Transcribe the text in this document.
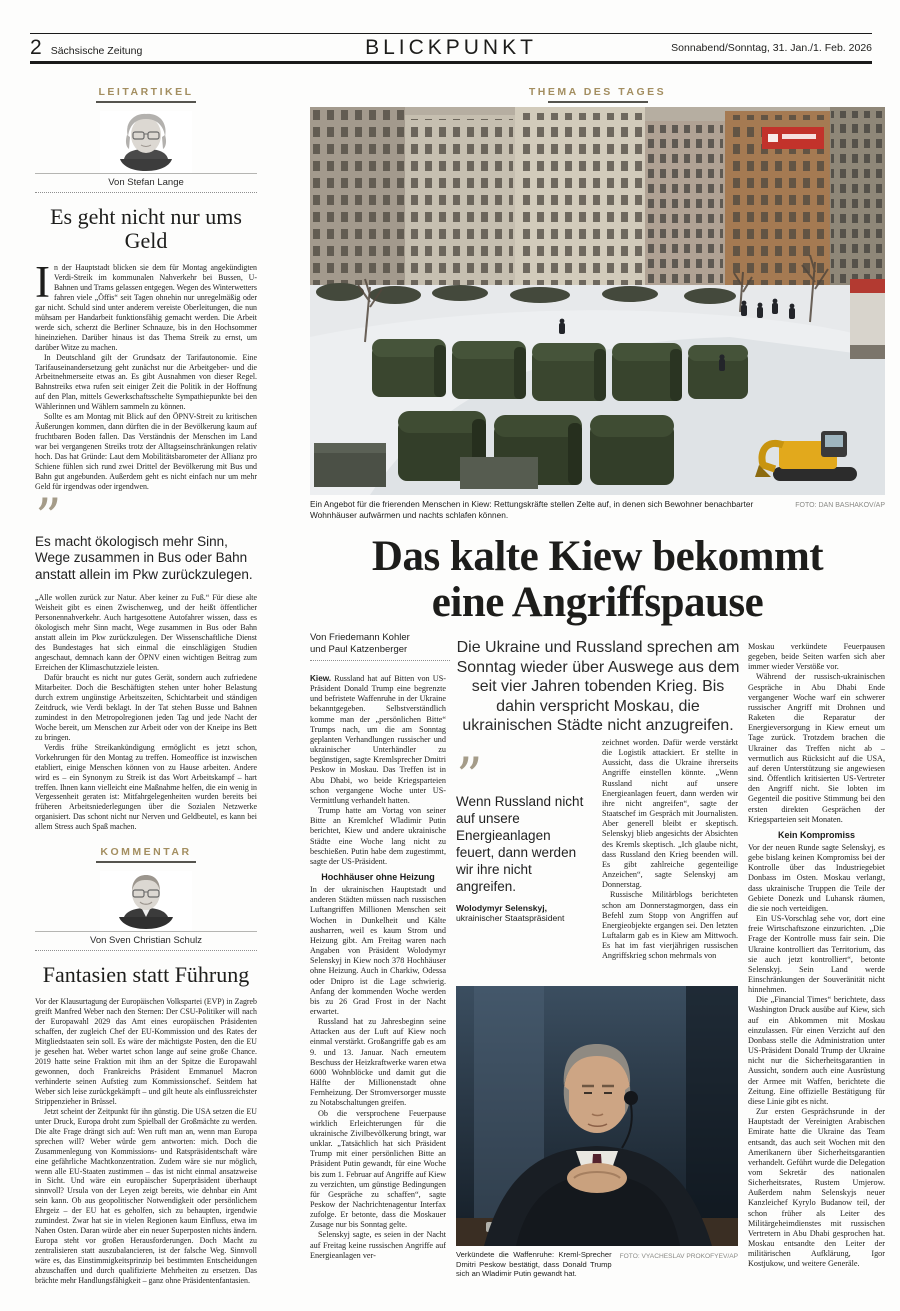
2 Sächsische Zeitung	BLICKPUNKT	Sonnabend/Sonntag, 31. Jan./1. Feb. 2026
LEITARTIKEL
Von Stefan Lange
Es geht nicht nur ums Geld

In der Hauptstadt blicken sie dem für Montag angekündigten Verdi-Streik im kommunalen Nahverkehr bei Bussen, U-Bahnen und Trams gelassen entgegen. Wegen des Winterwetters fahren viele „Öffis“ seit Tagen ohnehin nur unregelmäßig oder gar nicht. Schuld sind unter anderem vereiste Oberleitungen, die nun mühsam per Handarbeit funktionsfähig gemacht werden. Die Arbeit werde sich, scherzt die Berliner Schnauze, bis in den Hochsommer hineinziehen. Darüber hinaus ist das Thema Streik zu ernst, um darüber Witze zu machen.

In Deutschland gilt der Grundsatz der Tarifautonomie. Eine Tarifauseinandersetzung geht zunächst nur die Arbeitgeber- und die Arbeitnehmerseite etwas an. Es gibt Ausnahmen von dieser Regel. Bahnstreiks etwa rufen seit einiger Zeit die Politik in der Hoffnung auf den Plan, mittels Gewerkschaftsschelte Sympathiepunkte bei den Wählerinnen und Wählern sammeln zu können.

Sollte es am Montag mit Blick auf den ÖPNV-Streit zu kritischen Äußerungen kommen, dann dürften die in der Bevölkerung kaum auf fruchtbaren Boden fallen. Das Verständnis der Menschen im Land war bei vergangenen Streiks trotz der Alltagseinschränkungen relativ hoch. Das hat Gründe: Laut dem Mobilitätsbarometer der Allianz pro Schiene fühlen sich rund zwei Drittel der Bevölkerung mit Bus und Bahn gut angebunden. Außerdem geht es nicht einfach nur um mehr Geld für irgendwas oder irgendwen.

”
Es macht ökologisch mehr Sinn, Wege zusammen in Bus oder Bahn anstatt allein im Pkw zurückzulegen.

„Alle wollen zurück zur Natur. Aber keiner zu Fuß.“ Für diese alte Weisheit gibt es einen Zwischenweg, und der heißt öffentlicher Personennahverkehr. Auch hartgesottene Autofahrer wissen, dass es ökologisch mehr Sinn macht, Wege zusammen in Bus oder Bahn anstatt allein im Pkw zurückzulegen. Der Wissenschaftliche Dienst des Bundestages hat sich einmal die einschlägigen Studien angeschaut, demnach kann der ÖPNV einen wichtigen Beitrag zum Erreichen der Klimaschutzziele leisten.

Dafür braucht es nicht nur gutes Gerät, sondern auch zufriedene Mitarbeiter. Doch die Beschäftigten stehen unter hoher Belastung durch extrem ungünstige Arbeitszeiten, Schichtarbeit und ständigen Zeitdruck, wie Verdi beklagt. In der Tat stehen Busse und Bahnen zumindest in den Metropolregionen jeden Tag und jede Nacht der Woche bereit, um Menschen zur Arbeit oder von der Kneipe ins Bett zu bringen.

Verdis frühe Streikankündigung ermöglicht es jetzt schon, Vorkehrungen für den Montag zu treffen. Homeoffice ist inzwischen etabliert, einige Menschen können von zu Hause arbeiten. Andere wird es – ein Synonym zu Streik ist das Wort Arbeitskampf – hart treffen. Ihnen kann vielleicht eine Maßnahme helfen, die ein wenig in Vergessenheit geraten ist: Mitfahrgelegenheiten wurden bereits bei früheren Arbeitsniederlegungen über die Sozialen Netzwerke organisiert. Das schont nicht nur Nerven und Geldbeutel, es kann bei allem Stress auch Spaß machen.

KOMMENTAR
Von Sven Christian Schulz
Fantasien statt Führung

Vor der Klausurtagung der Europäischen Volkspartei (EVP) in Zagreb greift Manfred Weber nach den Sternen: Der CSU-Politiker will nach der Europawahl 2029 das Amt eines europäischen Präsidenten schaffen, der zugleich Chef der EU-Kommission und des Rates der Mitgliedstaaten sein soll. Es wäre der mächtigste Posten, den die EU je gesehen hat. Weber wartet schon lange auf seine große Chance. 2019 hatte seine Fraktion mit ihm an der Spitze die Europawahl gewonnen, doch Frankreichs Präsident Emmanuel Macron verhinderte seinen Aufstieg zum Kommissionschef. Seitdem hat Weber sich leise zurückgekämpft – und gilt heute als einflussreichster Strippenzieher in Brüssel.

Jetzt scheint der Zeitpunkt für ihn günstig. Die USA setzen die EU unter Druck, Europa droht zum Spielball der Großmächte zu werden. Die alte Frage drängt sich auf: Wen ruft man an, wenn man Europa sprechen will? Weber würde gern antworten: mich. Doch die Zusammenlegung von Kommissions- und Ratspräsidentschaft wäre eine gefährliche Machtkonzentration. Zudem wäre sie nur möglich, wenn alle EU-Staaten zustimmen – das ist nicht einmal ansatzweise in Sicht. Und wäre ein europäischer Superpräsident überhaupt sinnvoll? Ursula von der Leyen zeigt bereits, wie dehnbar ein Amt sein kann. Ob aus geopolitischer Notwendigkeit oder persönlichem Ehrgeiz – der EU hat es geholfen, sich zu behaupten, irgendwie zumindest. Zwar hat sie in vielen Regionen kaum Einfluss, etwa im Nahen Osten. Daran würde aber ein neuer Superposten nichts ändern. Europa steht vor großen Herausforderungen. Doch Macht zu zentralisieren statt auszubalancieren, ist der falsche Weg. Sinnvoll wäre es, das Einstimmigkeitsprinzip bei bestimmten Entscheidungen abzuschaffen und durch qualifizierte Mehrheiten zu ersetzen. Das brächte mehr Handlungsfähigkeit – ganz ohne Präsidentenfantasien.

THEMA DES TAGES
FOTO: DAN BASHAKOV/AP
Ein Angebot für die frierenden Menschen in Kiew: Rettungskräfte stellen Zelte auf, in denen sich Bewohner benachbarter Wohnhäuser aufwärmen und nachts schlafen können.
Das kalte Kiew bekommt
eine Angriffspause
Von Friedemann Kohler
und Paul Katzenberger

Kiew. Russland hat auf Bitten von US-Präsident Donald Trump eine begrenzte und befristete Waffenruhe in der Ukraine bekanntgegeben. Selbstverständlich komme man der „persönlichen Bitte“ Trumps nach, um die am Sonntag geplanten Verhandlungen russischer und ukrainischer Unterhändler zu begünstigen, sagte Kremlsprecher Dmitri Peskow in Moskau. Das Treffen ist in Abu Dhabi, wo beide Kriegsparteien schon vergangene Woche unter US-Vermittlung verhandelt hatten.

Trump hatte am Vortag von seiner Bitte an Kremlchef Wladimir Putin berichtet, Kiew und andere ukrainische Städte eine Woche lang nicht zu beschießen. Putin habe dem zugestimmt, sagte der US-Präsident.

Hochhäuser ohne Heizung

In der ukrainischen Hauptstadt und anderen Städten müssen nach russischen Luftangriffen Millionen Menschen seit Wochen in Dunkelheit und Kälte ausharren, weil es kaum Strom und Heizung gibt. Am Freitag waren nach Angaben von Präsident Wolodymyr Selenskyj in Kiew noch 378 Hochhäuser ohne Heizung. Auch in Charkiw, Odessa oder Dnipro ist die Lage schwierig. Anfang der kommenden Woche werden bis zu 26 Grad Frost in der Nacht erwartet.

Russland hat zu Jahresbeginn seine Attacken aus der Luft auf Kiew noch einmal verstärkt. Großangriffe gab es am 9. und 13. Januar. Nach erneutem Beschuss der Heizkraftwerke waren etwa 6000 Wohnblöcke und damit gut die Hälfte der Millionenstadt ohne Fernheizung. Der Stromversorger musste zu Notabschaltungen greifen.

Ob die versprochene Feuerpause wirklich Erleichterungen für die ukrainische Zivilbevölkerung bringt, war unklar. „Tatsächlich hat sich Präsident Trump mit einer persönlichen Bitte an Präsident Putin gewandt, für eine Woche bis zum 1. Februar auf Angriffe auf Kiew zu verzichten, um günstige Bedingungen für Gespräche zu schaffen“, sagte Peskow der Nachrichtenagentur Interfax zufolge. Er betonte, dass die Moskauer Zusage nur bis Sonntag gelte.

Selenskyj sagte, es seien in der Nacht auf Freitag keine russischen Angriffe auf Energieanlagen ver-

Die Ukraine und Russland sprechen am Sonntag wieder über Auswege aus dem seit vier Jahren tobenden Krieg. Bis dahin verspricht Moskau, die ukrainischen Städte nicht anzugreifen.
”
Wenn Russland nicht auf unsere Energieanlagen feuert, dann werden wir ihre nicht angreifen.
Wolodymyr Selenskyj,
ukrainischer Staatspräsident

zeichnet worden. Dafür werde verstärkt die Logistik attackiert. Er stellte in Aussicht, dass die Ukraine ihrerseits Angriffe einstellen könnte. „Wenn Russland nicht auf unsere Energieanlagen feuert, dann werden wir ihre nicht angreifen“, sagte der Staatschef im Gespräch mit Journalisten. Aber generell bleibt er skeptisch. Selenskyj blieb angesichts der Absichten des Kremls skeptisch. „Ich glaube nicht, dass Russland den Krieg beenden will. Es gibt zahlreiche gegenteilige Anzeichen“, sagte Selenskyj am Donnerstag.

Russische Militärblogs berichteten schon am Donnerstagmorgen, dass ein Befehl zum Stopp von Angriffen auf Energieobjekte ergangen sei. Den letzten Luftalarm gab es in Kiew am Mittwoch. Es hat im fast vierjährigen russischen Angriffskrieg schon mehrmals von

Moskau verkündete Feuerpausen gegeben, beide Seiten warfen sich aber immer wieder Verstöße vor.

Während der russisch-ukrainischen Gespräche in Abu Dhabi Ende vergangener Woche warf ein schwerer russischer Angriff mit Drohnen und Raketen die Reparatur der Energieversorgung in Kiew erneut um Tage zurück. Trotzdem brachen die Ukrainer das Treffen nicht ab – vermutlich aus Rücksicht auf die USA, auf deren Unterstützung sie angewiesen sind. Öffentlich kritisierten US-Vertreter den Angriff nicht. Sie lobten im Gegenteil die positive Stimmung bei den ersten direkten Gesprächen der Kriegsparteien seit Monaten.

Kein Kompromiss

Vor der neuen Runde sagte Selenskyj, es gebe bislang keinen Kompromiss bei der Kontrolle über das Industriegebiet Donbass im Osten. Moskau verlangt, dass ukrainische Truppen die Teile der Gebiete Donezk und Luhansk räumen, die sie noch verteidigen.

Ein US-Vorschlag sehe vor, dort eine freie Wirtschaftszone einzurichten. „Die Frage der Kontrolle muss fair sein. Die Ukraine kontrolliert das Territorium, das sie auch jetzt kontrolliert“, betonte Selenskyj. Sein Land werde Einschränkungen der Souveränität nicht hinnehmen.

Die „Financial Times“ berichtete, dass Washington Druck ausübe auf Kiew, sich auf ein Abkommen mit Moskau einzulassen. Für einen Verzicht auf den Donbass stelle die Administration unter US-Präsident Donald Trump der Ukraine nicht nur die Sicherheitsgarantien in Aussicht, sondern auch eine Ausrüstung der Armee mit Waffen, berichtete die Zeitung. Eine offizielle Bestätigung für diese Linie gibt es nicht.

Zur ersten Gesprächsrunde in der Hauptstadt der Vereinigten Arabischen Emirate hatte die Ukraine das Team entsandt, das auch seit Wochen mit den Amerikanern über Sicherheitsgarantien verhandelt. Geführt wurde die Delegation vom Sekretär des nationalen Sicherheitsrates, Rustem Umjerow. Außerdem nahm Selenskyjs neuer Kanzleichef Kyrylo Budanow teil, der schon früher als Leiter des Militärgeheimdienstes mit russischen Vertretern in Abu Dhabi gesprochen hat. Moskau entsandte den Leiter der militärischen Aufklärung, Igor Kostjukow, und weitere Generäle.

FOTO: VYACHESLAV PROKOFYEV/AP
Verkündete die Waffenruhe: Kreml-Sprecher Dmitri Peskow bestätigt, dass Donald Trump sich an Wladimir Putin gewandt hat.
